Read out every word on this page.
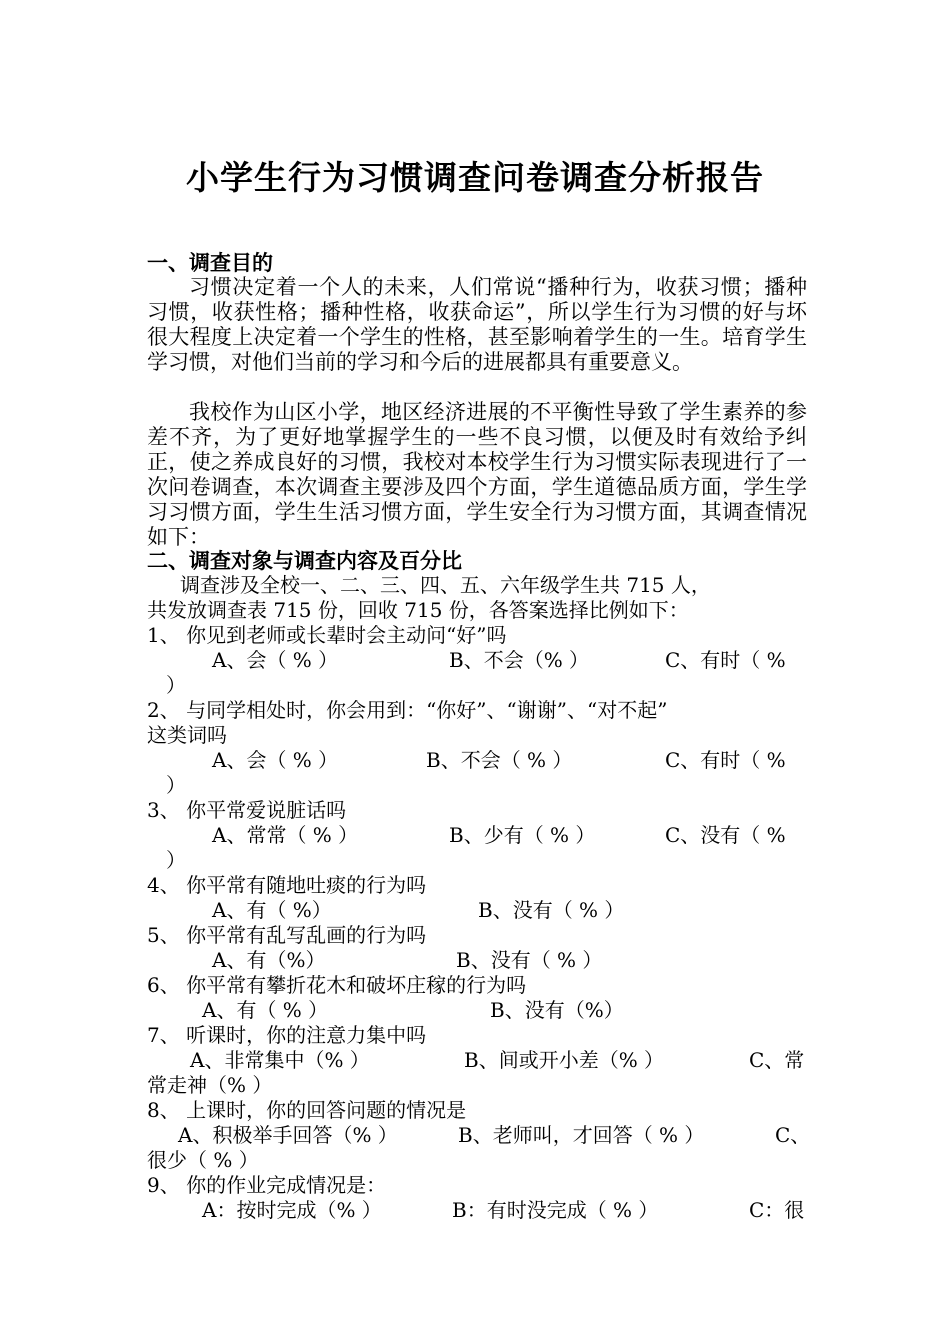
小学生行为习惯调查问卷调查分析报告
一、调查目的
习惯决定着一个人的未来，人们常说“播种行为，收获习惯；播种习惯，收获性格；播种性格，收获命运”，所以学生行为习惯的好与坏很大程度上决定着一个学生的性格，甚至影响着学生的一生。培育学生学习惯，对他们当前的学习和今后的进展都具有重要意义。
我校作为山区小学，地区经济进展的不平衡性导致了学生素养的参差不齐，为了更好地掌握学生的一些不良习惯，以便及时有效给予纠正，使之养成良好的习惯，我校对本校学生行为习惯实际表现进行了一次问卷调查，本次调查主要涉及四个方面，学生道德品质方面，学生学习习惯方面，学生生活习惯方面，学生安全行为习惯方面，其调查情况如下：
二、调查对象与调查内容及百分比
调查涉及全校一、二、三、四、五、六年级学生共 715 人，
共发放调查表 715 份，回收 715 份，各答案选择比例如下：
1、 你见到老师或长辈时会主动问“好”吗
A、会（ % ）	B、不会（% ）	C、有时（ %
）
2、 与同学相处时，你会用到：“你好”、“谢谢”、“对不起”
这类词吗
A、会（ % ）	B、不会（ % ）	C、有时（ %
）
3、 你平常爱说脏话吗
A、常常（ % ）	B、少有（ % ）	C、没有（ %
）
4、 你平常有随地吐痰的行为吗
A、有（ %）	B、没有（ % ）
5、 你平常有乱写乱画的行为吗
A、有（%）	B、没有（ % ）
6、 你平常有攀折花木和破坏庄稼的行为吗
A、有（ % ）	B、没有（%）
7、 听课时，你的注意力集中吗
A、非常集中（% ）	B、间或开小差（% ）	C、常
常走神（% ）
8、 上课时，你的回答问题的情况是
A、积极举手回答（% ）	B、老师叫，才回答（ % ）	C、
很少（ % ）
9、 你的作业完成情况是：
A：按时完成（% ）	B：有时没完成（ % ）	C：很
